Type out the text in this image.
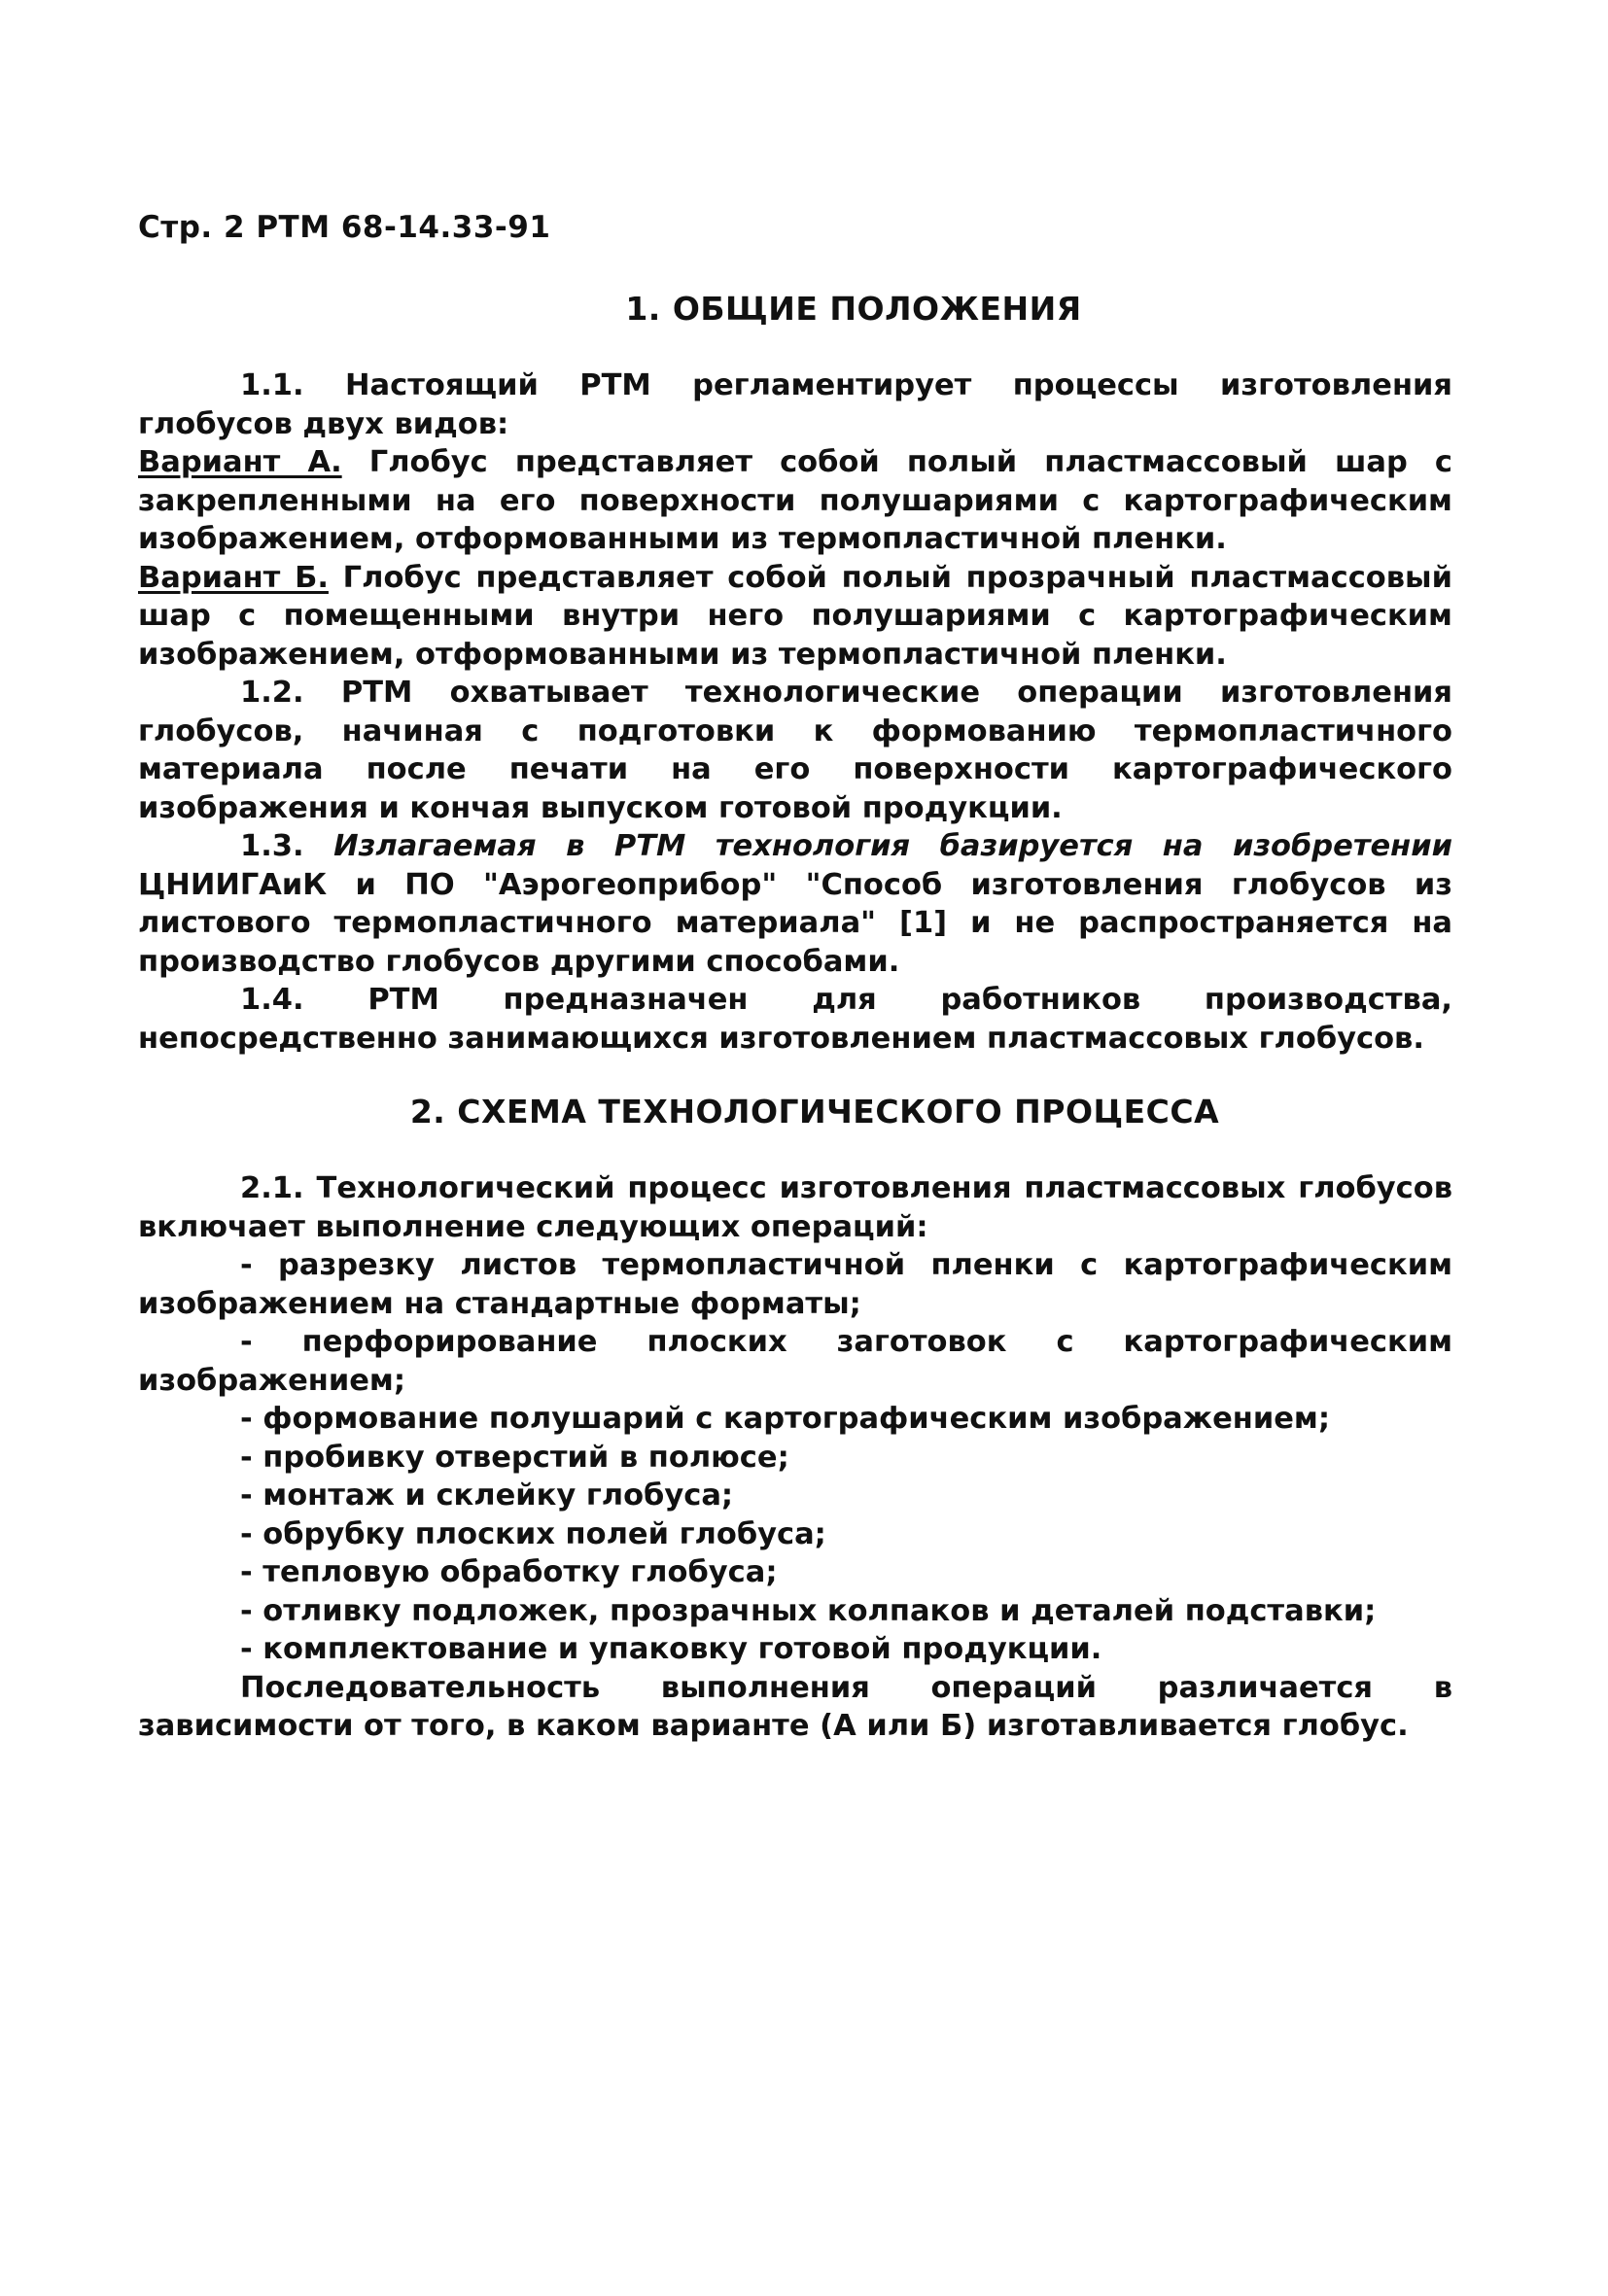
Стр. 2 РТМ 68-14.33-91
1. ОБЩИЕ ПОЛОЖЕНИЯ

1.1. Настоящий РТМ регламентирует процессы изготовления глобусов двух видов:

Вариант А. Глобус представляет собой полый пластмассовый шар с закрепленными на его поверхности полушариями с картографическим изображением, отформованными из термопластичной пленки.

Вариант Б. Глобус представляет собой полый прозрачный пластмассовый шар с помещенными внутри него полушариями с картографическим изображением, отформованными из термопластичной пленки.

1.2. РТМ охватывает технологические операции изготовления глобусов, начиная с подготовки к формованию термопластичного материала после печати на его поверхности картографического изображения и кончая выпуском готовой продукции.

1.3. Излагаемая в РТМ технология базируется на изобретении ЦНИИГАиК и ПО "Аэрогеоприбор" "Способ изготовления глобусов из листового термопластичного материала" [1] и не распространяется на производство глобусов другими способами.

1.4. РТМ предназначен для работников производства, непосредственно занимающихся изготовлением пластмассовых глобусов.

2. СХЕМА ТЕХНОЛОГИЧЕСКОГО ПРОЦЕССА

2.1. Технологический процесс изготовления пластмассовых глобусов включает выполнение следующих операций:

- разрезку листов термопластичной пленки с картографическим изображением на стандартные форматы;

- перфорирование плоских заготовок с картографическим изображением;

- формование полушарий с картографическим изображением;

- пробивку отверстий в полюсе;

- монтаж и склейку глобуса;

- обрубку плоских полей глобуса;

- тепловую обработку глобуса;

- отливку подложек, прозрачных колпаков и деталей подставки;

- комплектование и упаковку готовой продукции.

Последовательность выполнения операций различается в зависимости от того, в каком варианте (А или Б) изготавливается глобус.
